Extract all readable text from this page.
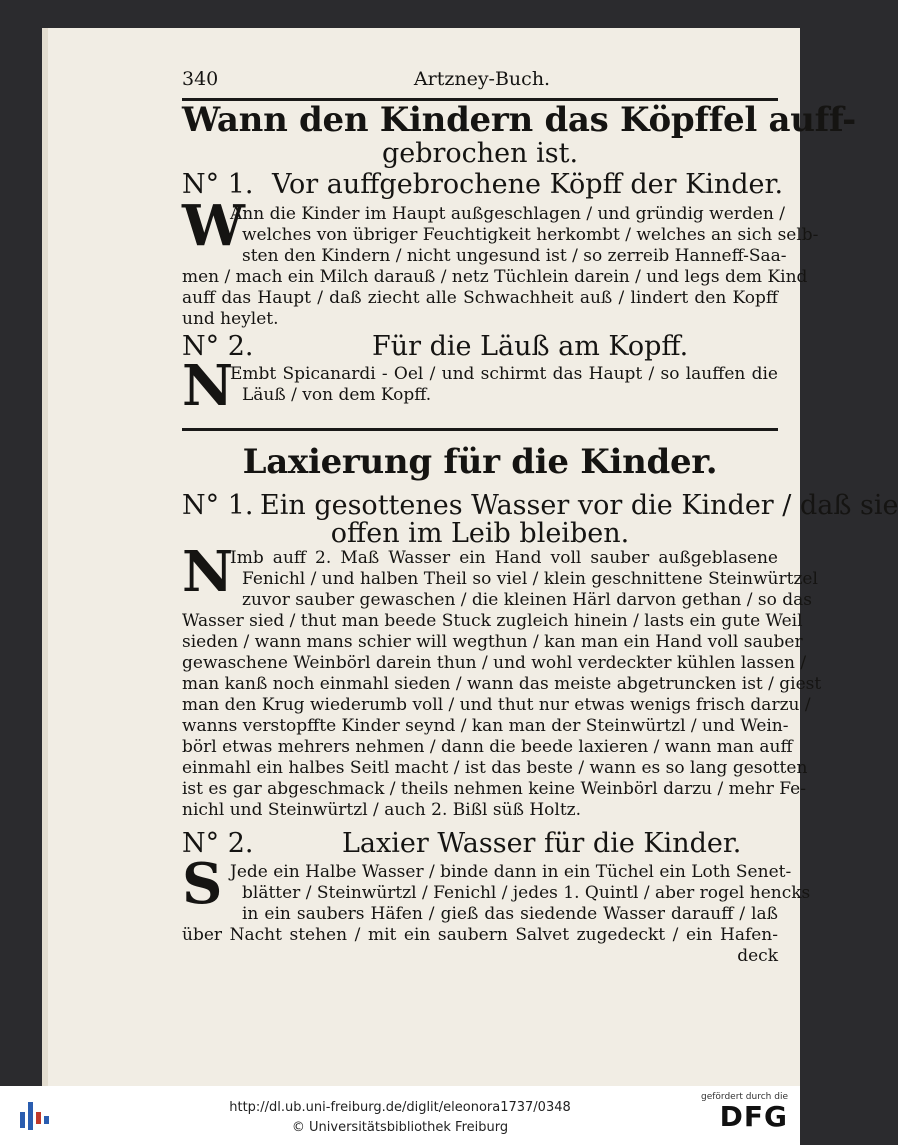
340	Artzney-Buch.
Wann den Kindern das Köpffel auff-
gebrochen ist.
N° 1. Vor auffgebrochene Köpff der Kinder.
W
Ann die Kinder im Haupt außgeschlagen / und gründig werden /
welches von übriger Feuchtigkeit herkombt / welches an sich selb-
sten den Kindern / nicht ungesund ist / so zerreib Hanneff-Saa-
men / mach ein Milch darauß / netz Tüchlein darein / und legs dem Kind
auff das Haupt / daß ziecht alle Schwachheit auß / lindert den Kopff
und heylet.
N° 2.	Für die Läuß am Kopff.
N
Embt Spicanardi - Oel / und schirmt das Haupt / so lauffen die
Läuß / von dem Kopff.
Laxierung für die Kinder.
N° 1. Ein gesottenes Wasser vor die Kinder / daß sie
offen im Leib bleiben.
N
Imb auff 2. Maß Wasser ein Hand voll sauber außgeblasene
Fenichl / und halben Theil so viel / klein geschnittene Steinwürtzel
zuvor sauber gewaschen / die kleinen Härl darvon gethan / so das
Wasser sied / thut man beede Stuck zugleich hinein / lasts ein gute Weil
sieden / wann mans schier will wegthun / kan man ein Hand voll sauber
gewaschene Weinbörl darein thun / und wohl verdeckter kühlen lassen /
man kanß noch einmahl sieden / wann das meiste abgetruncken ist / giest
man den Krug wiederumb voll / und thut nur etwas wenigs frisch darzu /
wanns verstopffte Kinder seynd / kan man der Steinwürtzl / und Wein-
börl etwas mehrers nehmen / dann die beede laxieren / wann man auff
einmahl ein halbes Seitl macht / ist das beste / wann es so lang gesotten
ist es gar abgeschmack / theils nehmen keine Weinbörl darzu / mehr Fe-
nichl und Steinwürtzl / auch 2. Bißl süß Holtz.
N° 2.	Laxier Wasser für die Kinder.
S Jede ein Halbe Wasser / binde dann in ein Tüchel ein Loth Senet-
blätter / Steinwürtzl / Fenichl / jedes 1. Quintl / aber rogel hencks
in ein saubers Häfen / gieß das siedende Wasser darauff / laß
über Nacht stehen / mit ein saubern Salvet zugedeckt / ein Hafen-
deck
http://dl.ub.uni-freiburg.de/diglit/eleonora1737/0348
© Universitätsbibliothek Freiburg
gefördert durch die
DFG
